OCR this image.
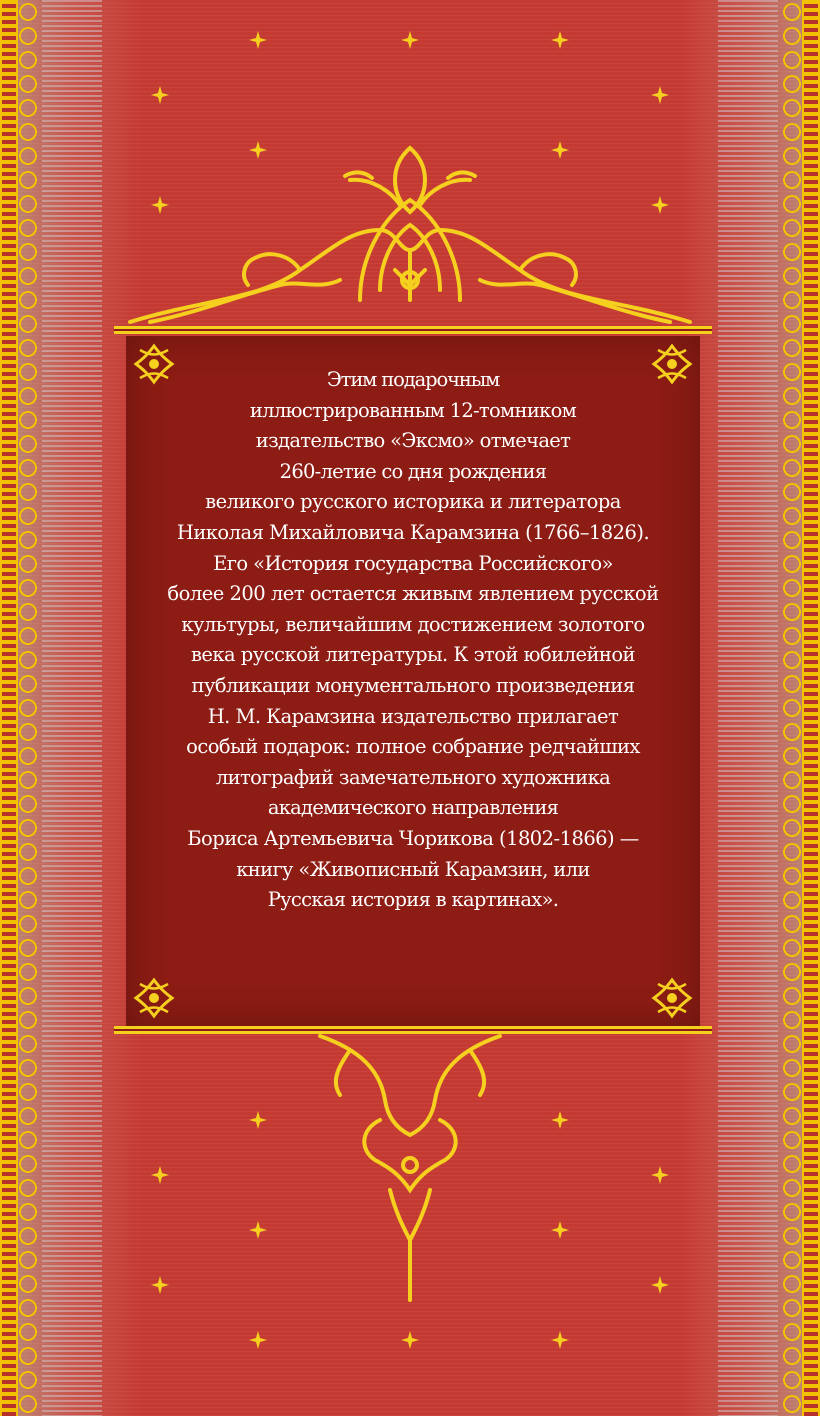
Этим подарочным
иллюстрированным 12-томником
издательство «Эксмо» отмечает
260-летие со дня рождения
великого русского историка и литератора
Николая Михайловича Карамзина (1766–1826).
Его «История государства Российского»
более 200 лет остается живым явлением русской
культуры, величайшим достижением золотого
века русской литературы. К этой юбилейной
публикации монументального произведения
Н. М. Карамзина издательство прилагает
особый подарок: полное собрание редчайших
литографий замечательного художника
академического направления
Бориса Артемьевича Чорикова (1802-1866) —
книгу «Живописный Карамзин, или
Русская история в картинах».
